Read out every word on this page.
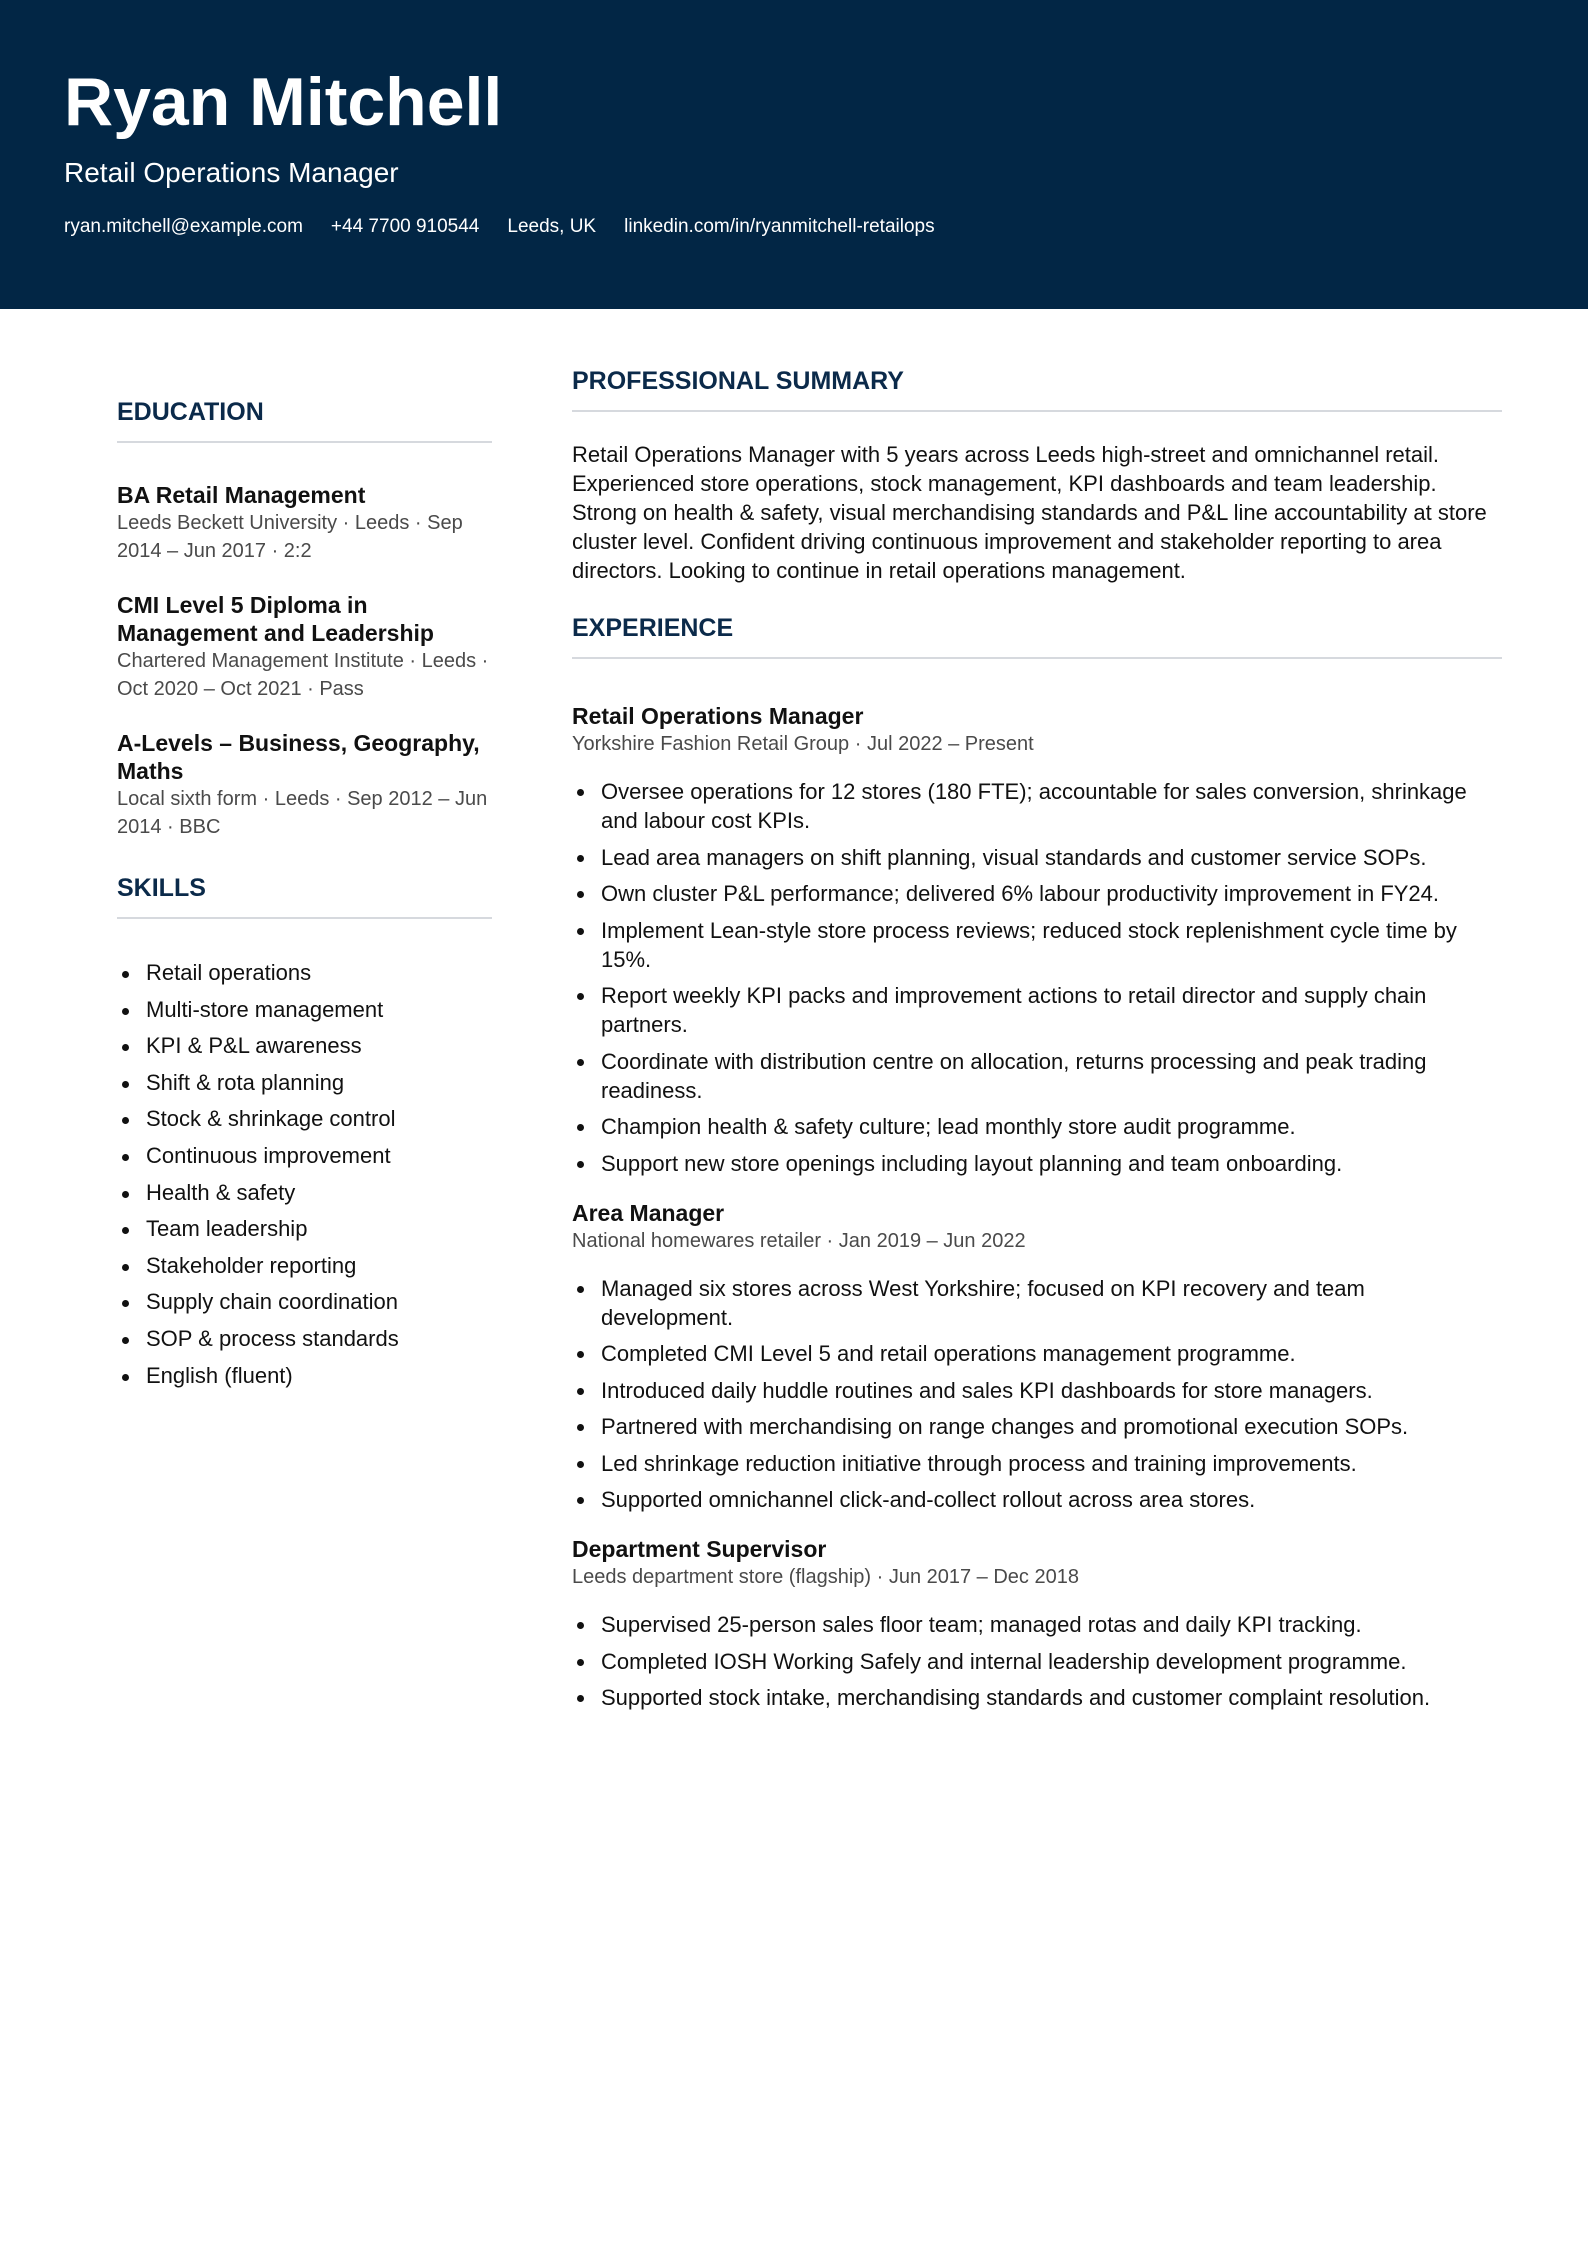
Ryan Mitchell
Retail Operations Manager
ryan.mitchell@example.com +44 7700 910544 Leeds, UK linkedin.com/in/ryanmitchell-retailops
EDUCATION
BA Retail Management
Leeds Beckett University · Leeds · Sep 2014 – Jun 2017 · 2:2
CMI Level 5 Diploma in Management and Leadership
Chartered Management Institute · Leeds · Oct 2020 – Oct 2021 · Pass
A-Levels – Business, Geography, Maths
Local sixth form · Leeds · Sep 2012 – Jun 2014 · BBC
SKILLS
Retail operations
Multi-store management
KPI & P&L awareness
Shift & rota planning
Stock & shrinkage control
Continuous improvement
Health & safety
Team leadership
Stakeholder reporting
Supply chain coordination
SOP & process standards
English (fluent)
PROFESSIONAL SUMMARY

Retail Operations Manager with 5 years across Leeds high-street and omnichannel retail. Experienced store operations, stock management, KPI dashboards and team leadership. Strong on health & safety, visual merchandising standards and P&L line accountability at store cluster level. Confident driving continuous improvement and stakeholder reporting to area directors. Looking to continue in retail operations management.

EXPERIENCE
Retail Operations Manager
Yorkshire Fashion Retail Group · Jul 2022 – Present
Oversee operations for 12 stores (180 FTE); accountable for sales conversion, shrinkage and labour cost KPIs.
Lead area managers on shift planning, visual standards and customer service SOPs.
Own cluster P&L performance; delivered 6% labour productivity improvement in FY24.
Implement Lean-style store process reviews; reduced stock replenishment cycle time by 15%.
Report weekly KPI packs and improvement actions to retail director and supply chain partners.
Coordinate with distribution centre on allocation, returns processing and peak trading readiness.
Champion health & safety culture; lead monthly store audit programme.
Support new store openings including layout planning and team onboarding.
Area Manager
National homewares retailer · Jan 2019 – Jun 2022
Managed six stores across West Yorkshire; focused on KPI recovery and team development.
Completed CMI Level 5 and retail operations management programme.
Introduced daily huddle routines and sales KPI dashboards for store managers.
Partnered with merchandising on range changes and promotional execution SOPs.
Led shrinkage reduction initiative through process and training improvements.
Supported omnichannel click-and-collect rollout across area stores.
Department Supervisor
Leeds department store (flagship) · Jun 2017 – Dec 2018
Supervised 25-person sales floor team; managed rotas and daily KPI tracking.
Completed IOSH Working Safely and internal leadership development programme.
Supported stock intake, merchandising standards and customer complaint resolution.
